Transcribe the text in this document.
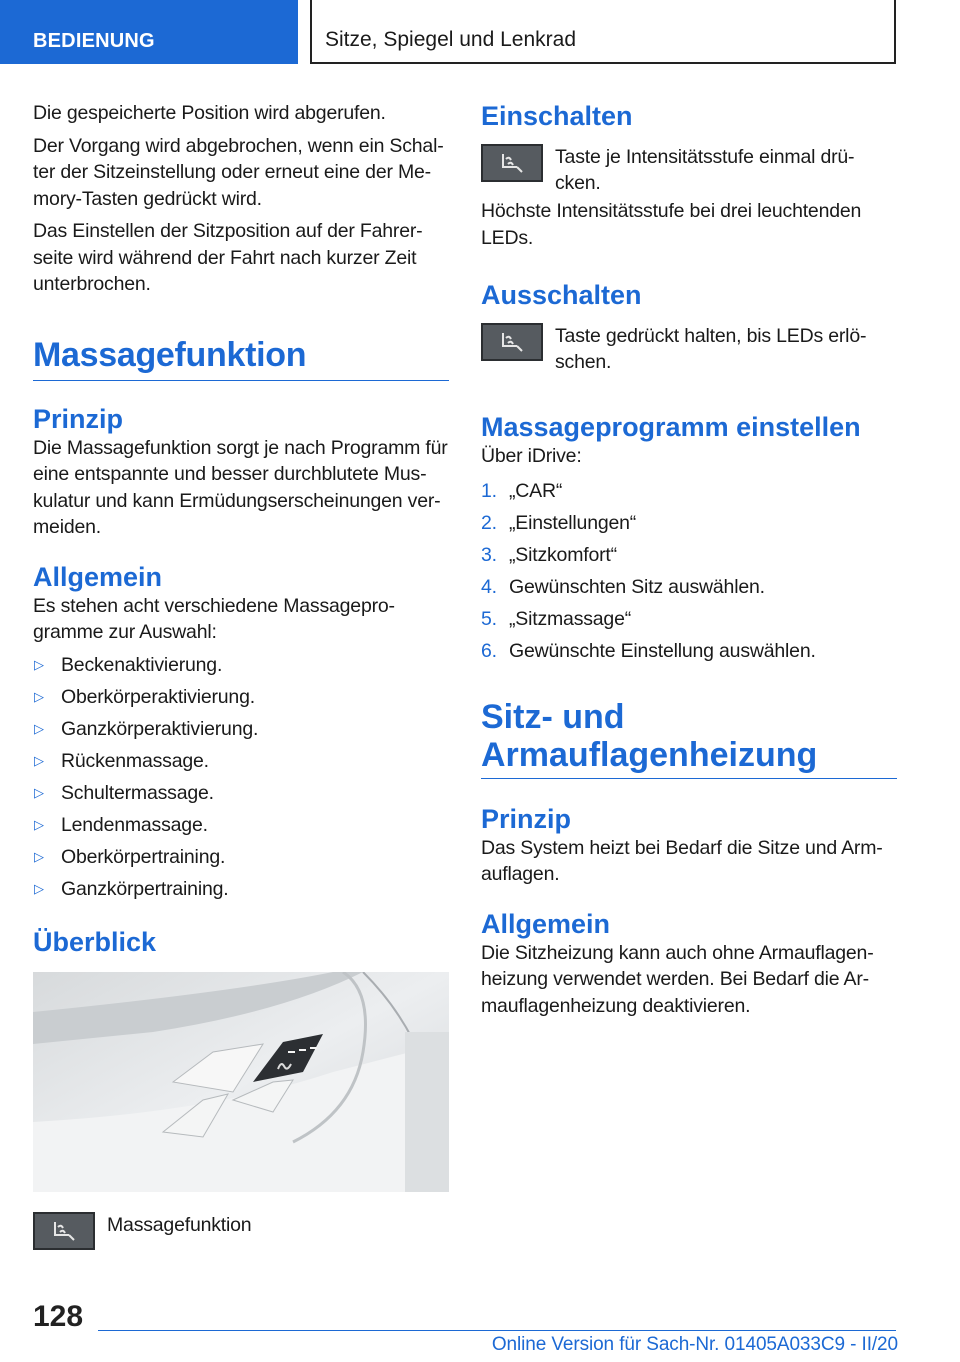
BEDIENUNG	Sitze, Spiegel und Lenkrad

Die gespeicherte Position wird abgerufen.

Der Vorgang wird abgebrochen, wenn ein Schal‐ ter der Sitzeinstellung oder erneut eine der Me‐ mory-Tasten gedrückt wird.

Das Einstellen der Sitzposition auf der Fahrer‐ seite wird während der Fahrt nach kurzer Zeit unterbrochen.

Massagefunktion
Prinzip

Die Massagefunktion sorgt je nach Programm für eine entspannte und besser durchblutete Mus‐ kulatur und kann Ermüdungserscheinungen ver‐ meiden.

Allgemein

Es stehen acht verschiedene Massagepro‐ gramme zur Auswahl:

▷ Beckenaktivierung.
▷ Oberkörperaktivierung.
▷ Ganzkörperaktivierung.
▷ Rückenmassage.
▷ Schultermassage.
▷ Lendenmassage.
▷ Oberkörpertraining.
▷ Ganzkörpertraining.
Überblick
Massagefunktion
Einschalten
Taste je Intensitätsstufe einmal drü‐ cken.

Höchste Intensitätsstufe bei drei leuchtenden LEDs.

Ausschalten
Taste gedrückt halten, bis LEDs erlö‐ schen.
Massageprogramm einstellen

Über iDrive:

1. „CAR“
2. „Einstellungen“
3. „Sitzkomfort“
4. Gewünschten Sitz auswählen.
5. „Sitzmassage“
6. Gewünschte Einstellung auswählen.
Sitz- und
Armauflagenheizung
Prinzip

Das System heizt bei Bedarf die Sitze und Arm‐ auflagen.

Allgemein

Die Sitzheizung kann auch ohne Armauflagen‐ heizung verwendet werden. Bei Bedarf die Ar‐ mauflagenheizung deaktivieren.

128
Online Version für Sach-Nr. 01405A033C9 - II/20
